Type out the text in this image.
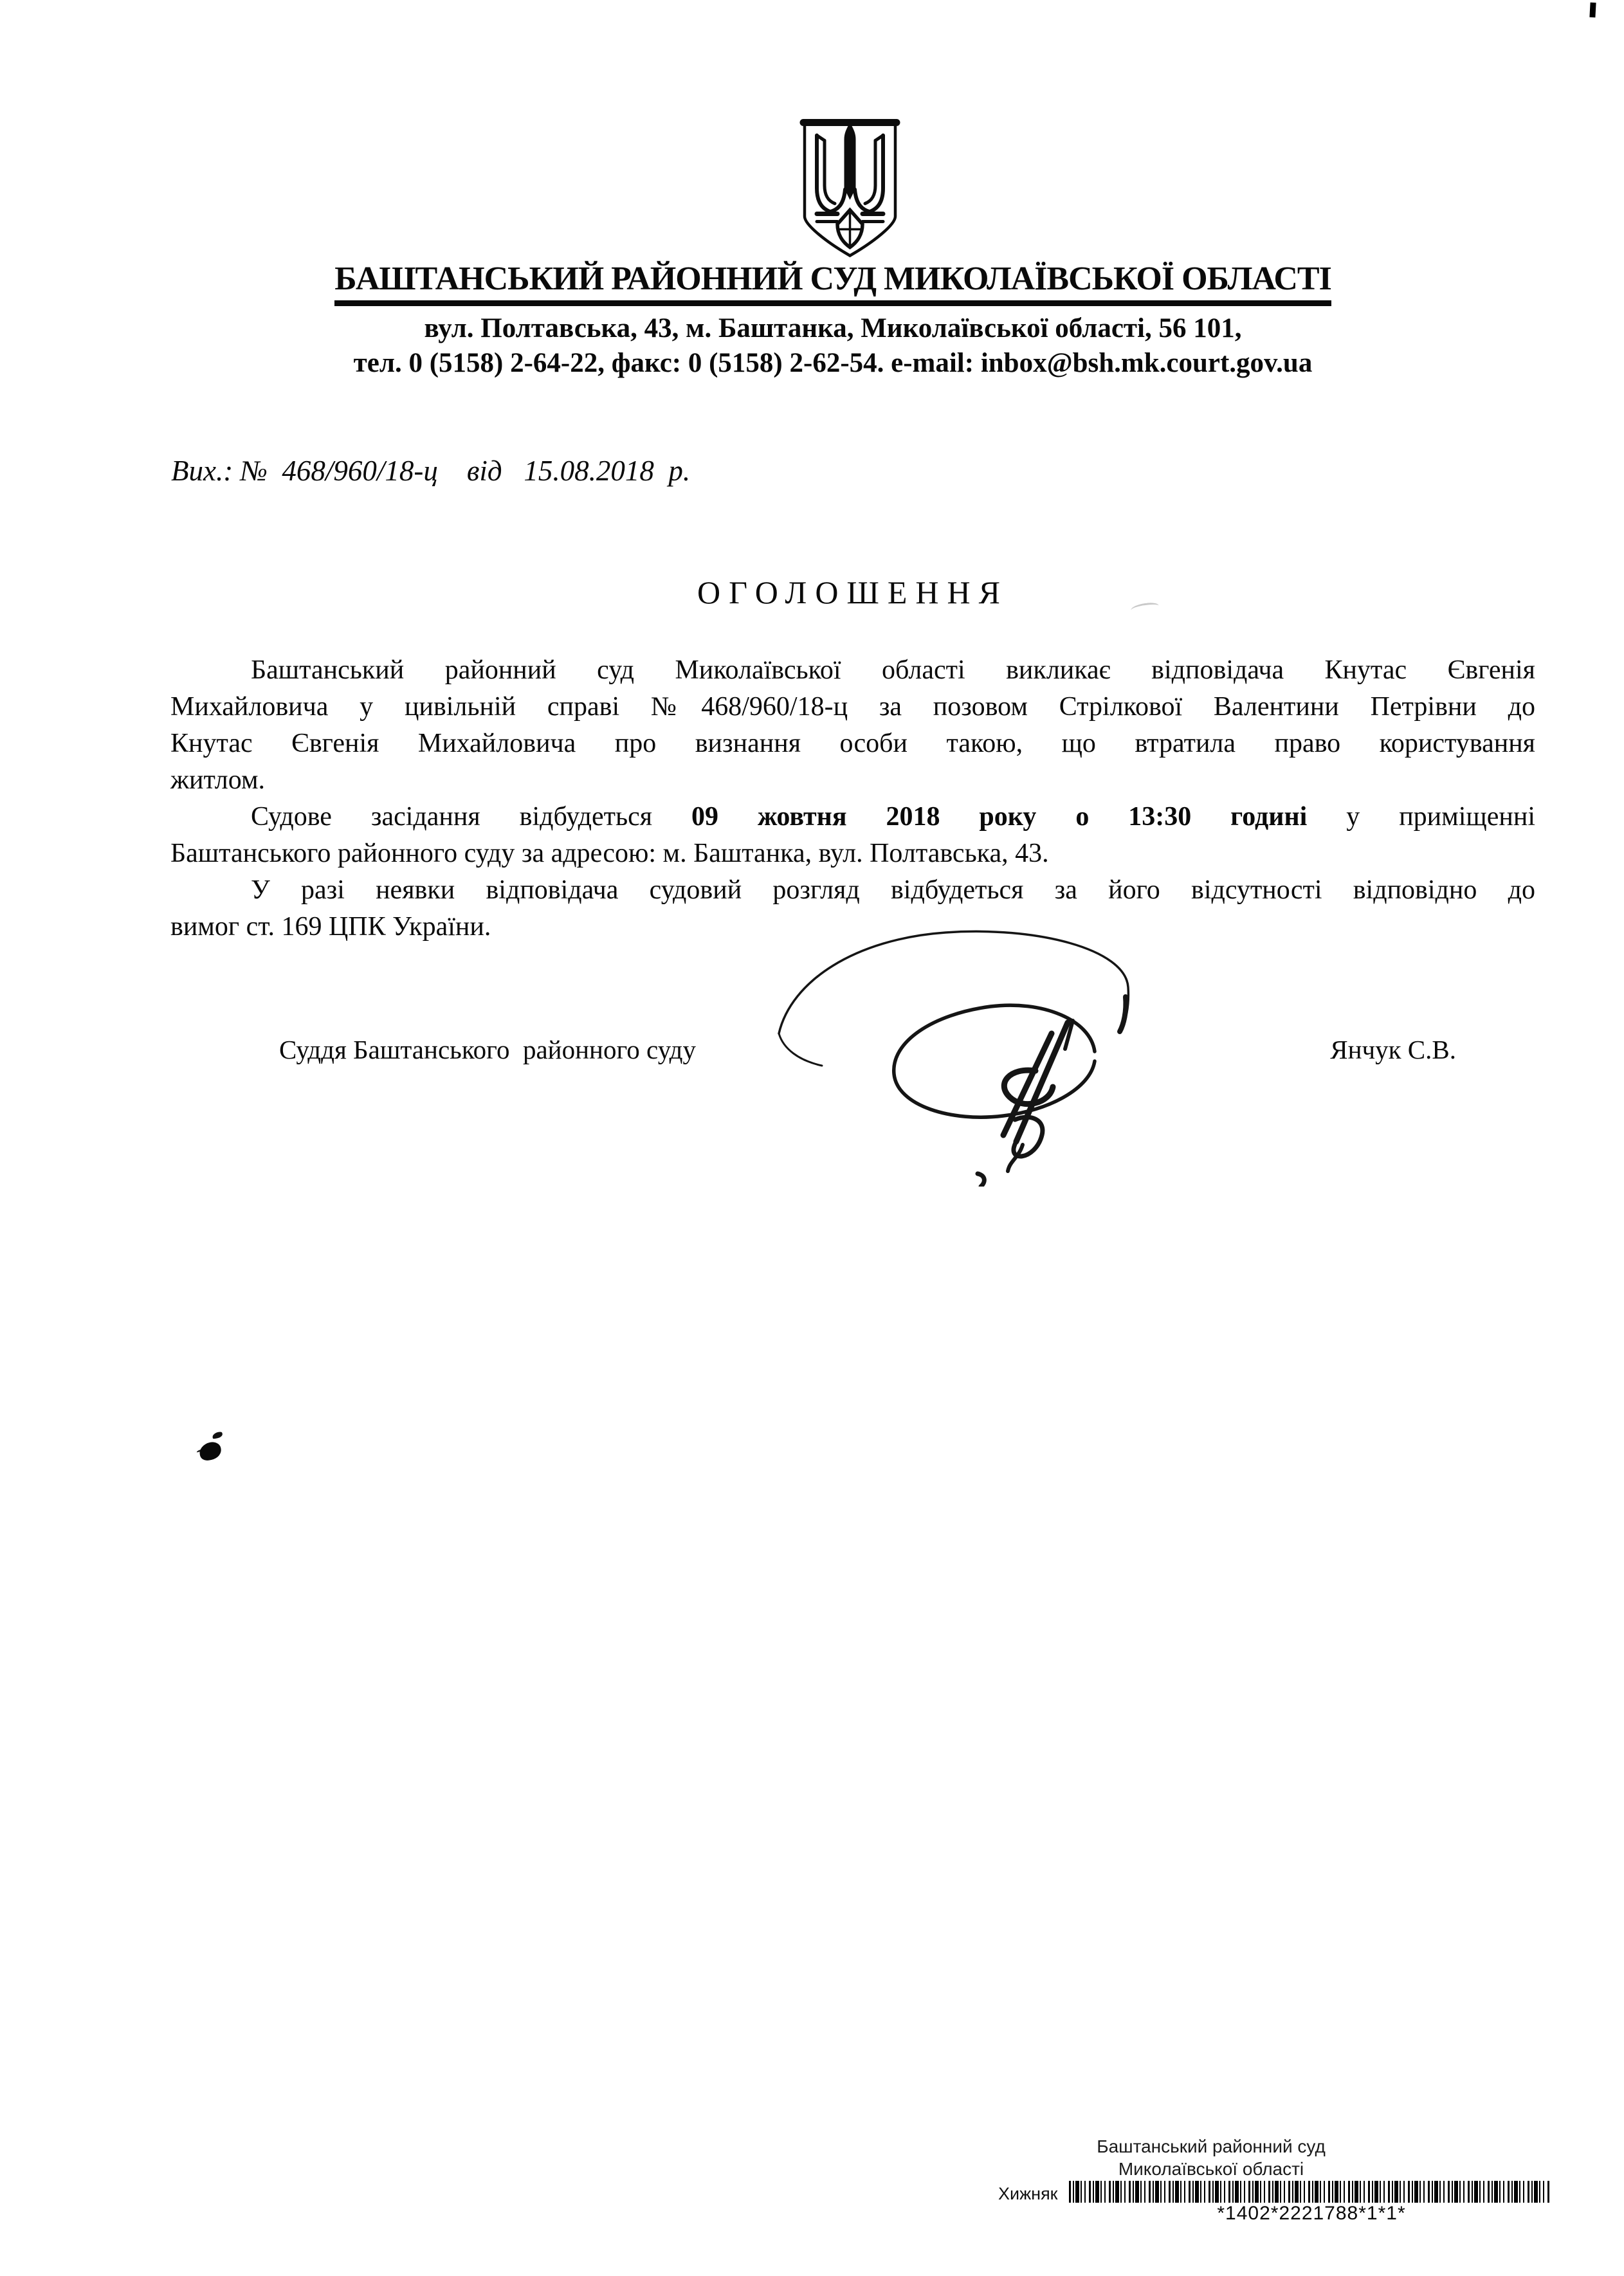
БАШТАНСЬКИЙ РАЙОННИЙ СУД МИКОЛАЇВСЬКОЇ ОБЛАСТІ
вул. Полтавська, 43, м. Баштанка, Миколаївської області, 56 101,
тел. 0 (5158) 2-64-22, факс: 0 (5158) 2-62-54. e-mail: inbox@bsh.mk.court.gov.ua
Вих.: №  468/960/18-ц    від   15.08.2018  р.
ОГОЛОШЕННЯ
Баштанський районний суд Миколаївської області викликає відповідача Кнутас Євгенія
Михайловича у цивільній справі №468/960/18-ц за позовом Стрілкової Валентини Петрівни до
Кнутас Євгенія Михайловича про визнання особи такою, що втратила право користування
житлом.
Судове засідання відбудеться 09 жовтня 2018 року о 13:30 годині у приміщенні
Баштанського районного суду за адресою: м. Баштанка, вул. Полтавська, 43.
У разі неявки відповідача судовий розгляд відбудеться за його відсутності відповідно до
вимог ст. 169 ЦПК України.
Суддя Баштанського  районного суду	Янчук С.В.
Баштанський районний суд
Миколаївської області
Хижняк
*1402*2221788*1*1*
